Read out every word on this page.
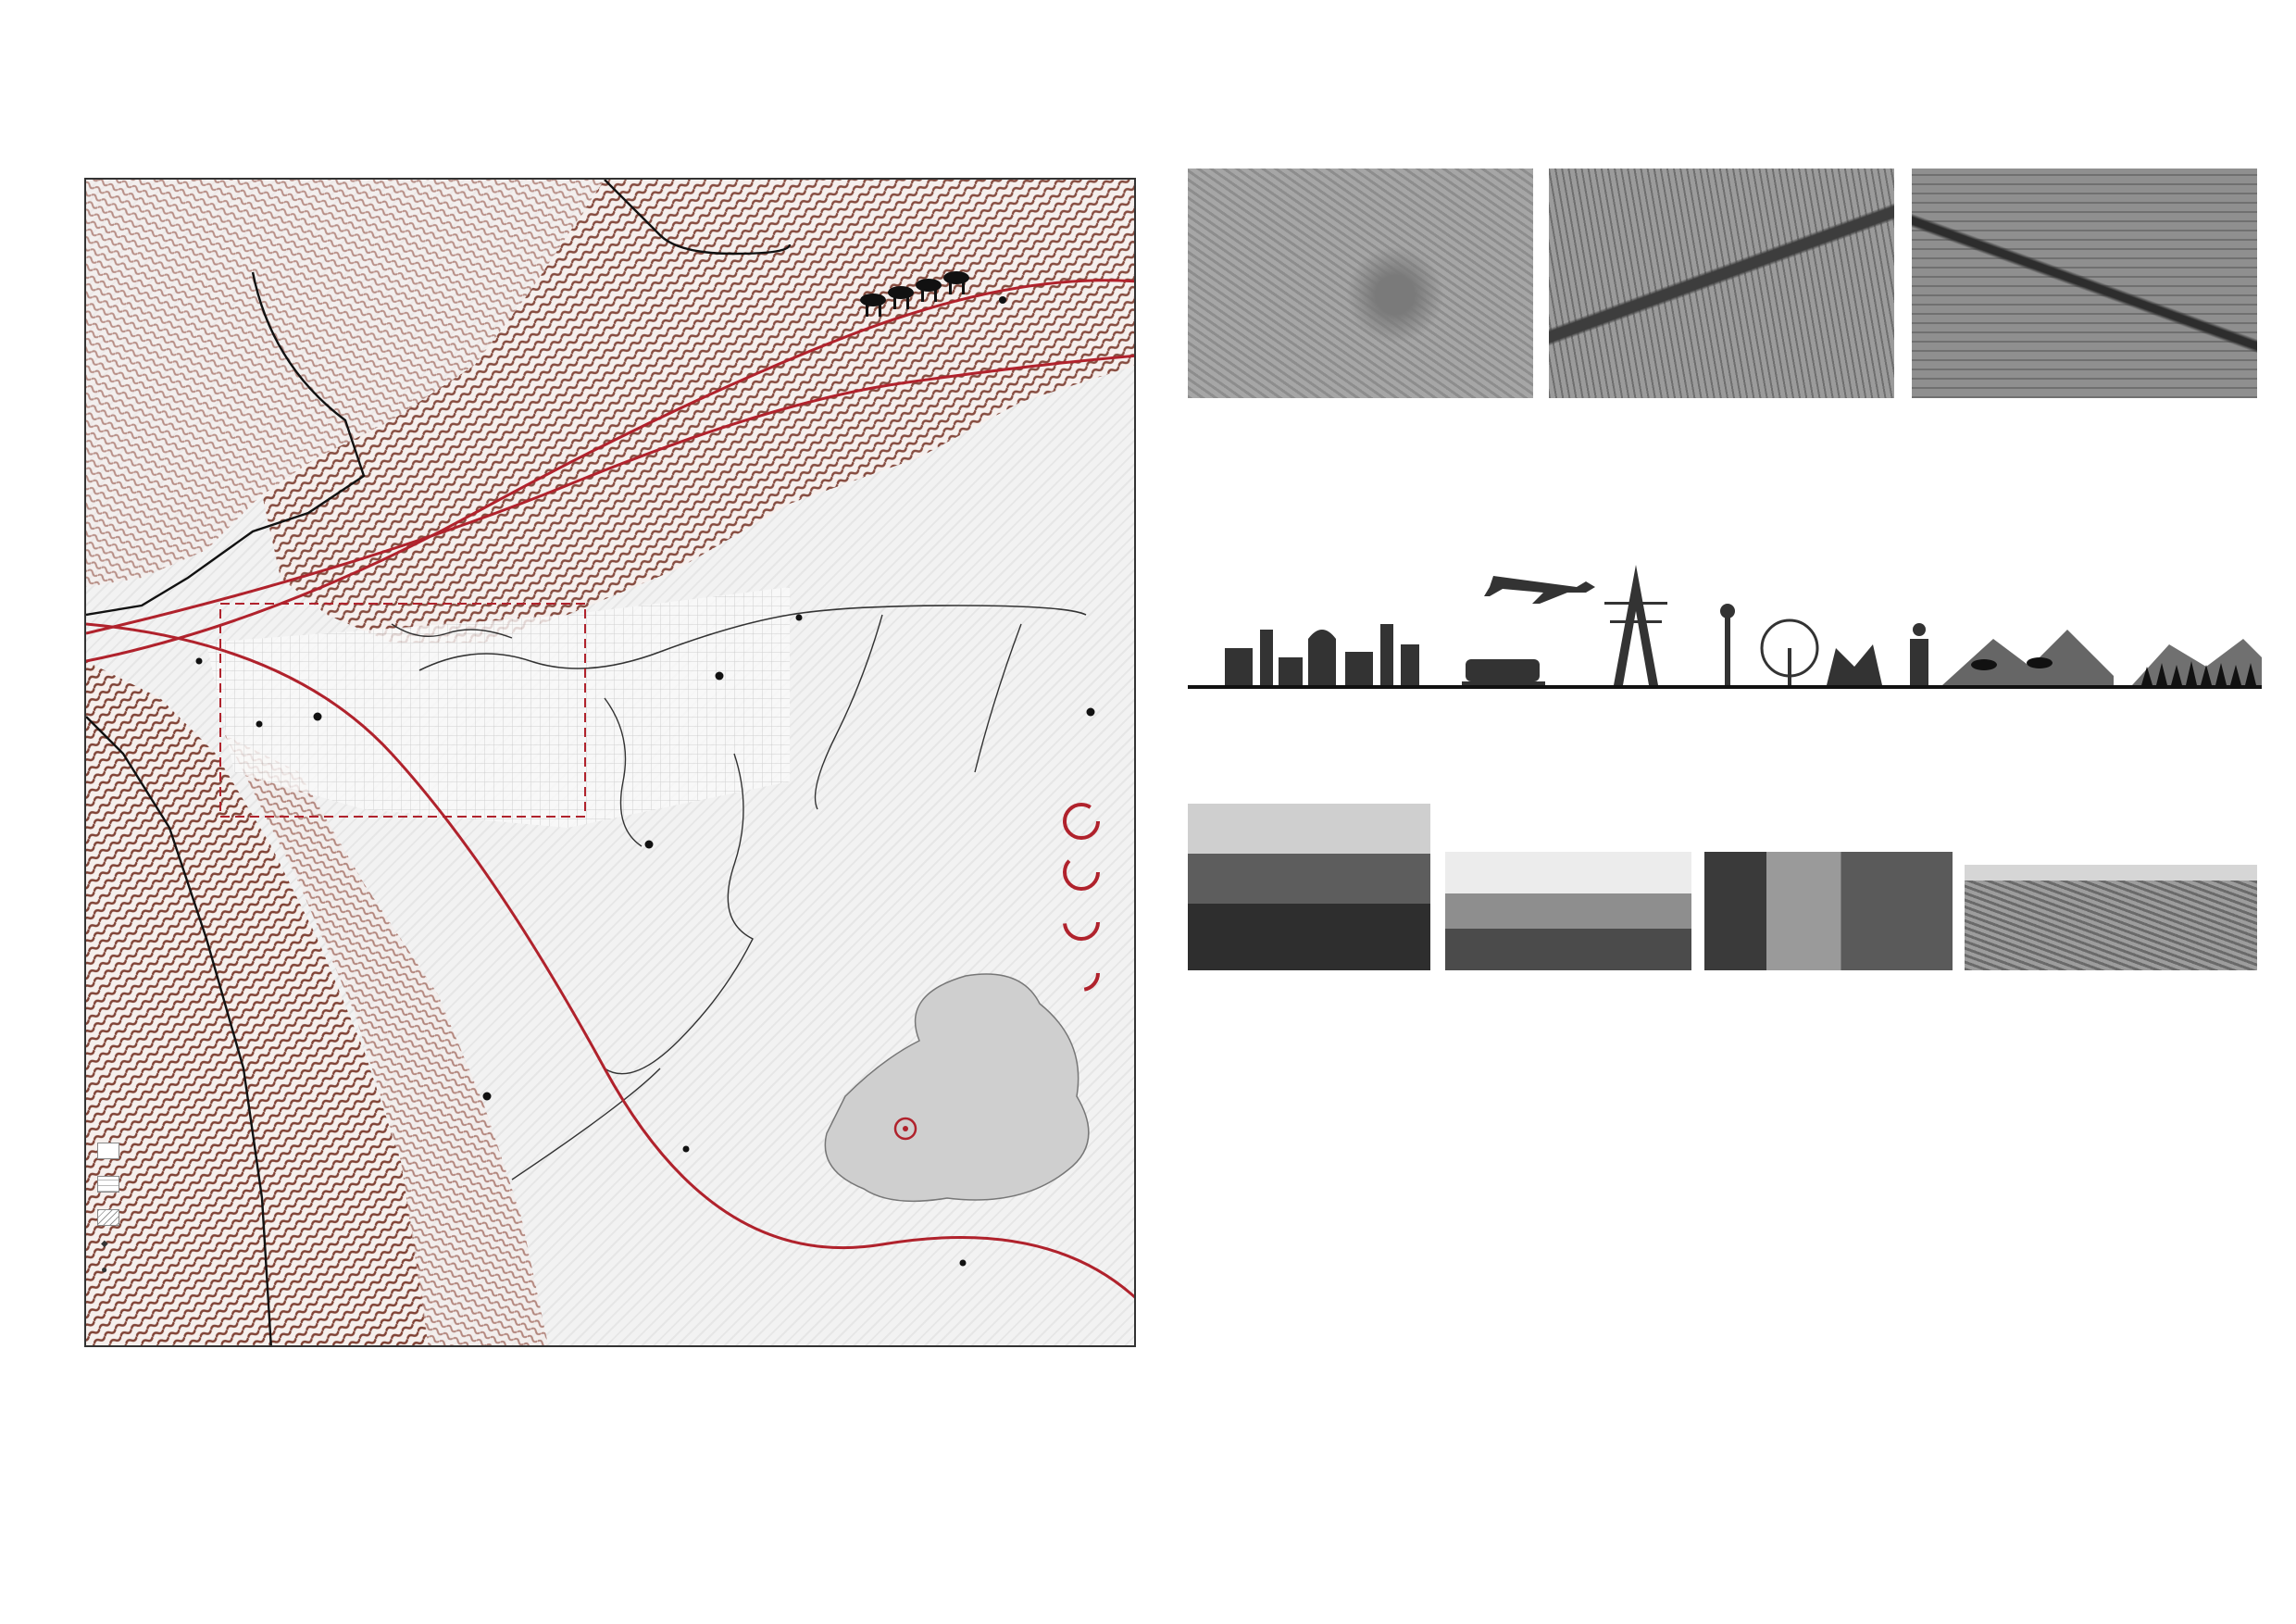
◆
●
